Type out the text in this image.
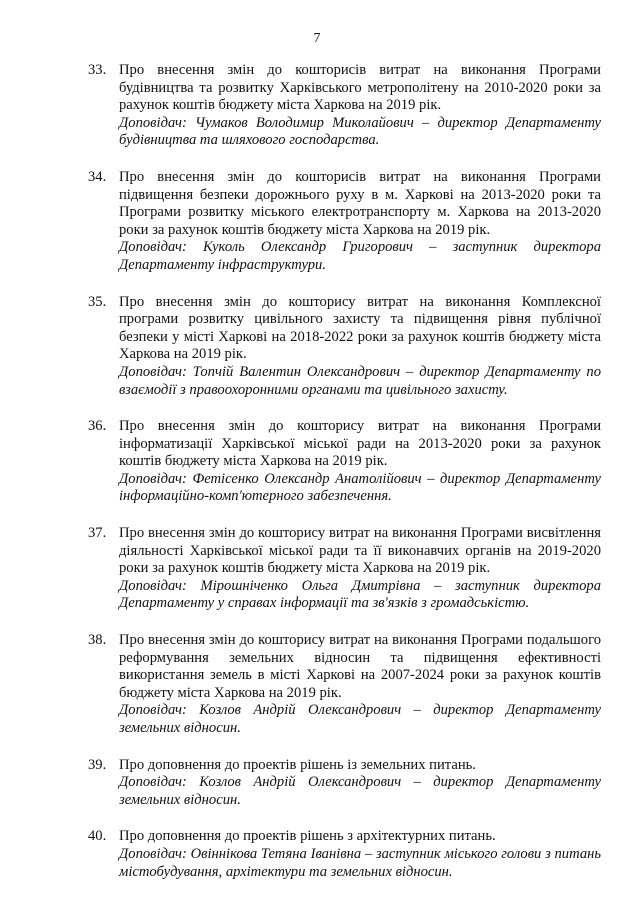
7
33. Про внесення змін до кошторисів витрат на виконання Програми будівництва та розвитку Харківського метрополітену на 2010-2020 роки за рахунок коштів бюджету міста Харкова на 2019 рік.
Доповідач: Чумаков Володимир Миколайович – директор Департаменту будівництва та шляхового господарства.
34. Про внесення змін до кошторисів витрат на виконання Програми підвищення безпеки дорожнього руху в м. Харкові на 2013-2020 роки та Програми розвитку міського електротранспорту м. Харкова на 2013-2020 роки за рахунок коштів бюджету міста Харкова на 2019 рік.
Доповідач: Куколь Олександр Григорович – заступник директора Департаменту інфраструктури.
35. Про внесення змін до кошторису витрат на виконання Комплексної програми розвитку цивільного захисту та підвищення рівня публічної безпеки у місті Харкові на 2018-2022 роки за рахунок коштів бюджету міста Харкова на 2019 рік.
Доповідач: Топчій Валентин Олександрович – директор Департаменту по взаємодії з правоохоронними органами та цивільного захисту.
36. Про внесення змін до кошторису витрат на виконання Програми інформатизації Харківської міської ради на 2013-2020 роки за рахунок коштів бюджету міста Харкова на 2019 рік.
Доповідач: Фетісенко Олександр Анатолійович – директор Департаменту інформаційно-комп'ютерного забезпечення.
37. Про внесення змін до кошторису витрат на виконання Програми висвітлення діяльності Харківської міської ради та її виконавчих органів на 2019-2020 роки за рахунок коштів бюджету міста Харкова на 2019 рік.
Доповідач: Мірошніченко Ольга Дмитрівна – заступник директора Департаменту у справах інформації та зв'язків з громадськістю.
38. Про внесення змін до кошторису витрат на виконання Програми подальшого реформування земельних відносин та підвищення ефективності використання земель в місті Харкові на 2007-2024 роки за рахунок коштів бюджету міста Харкова на 2019 рік.
Доповідач: Козлов Андрій Олександрович – директор Департаменту земельних відносин.
39. Про доповнення до проектів рішень із земельних питань.
Доповідач: Козлов Андрій Олександрович – директор Департаменту земельних відносин.
40. Про доповнення до проектів рішень з архітектурних питань.
Доповідач: Овіннікова Тетяна Іванівна – заступник міського голови з питань містобудування, архітектури та земельних відносин.
